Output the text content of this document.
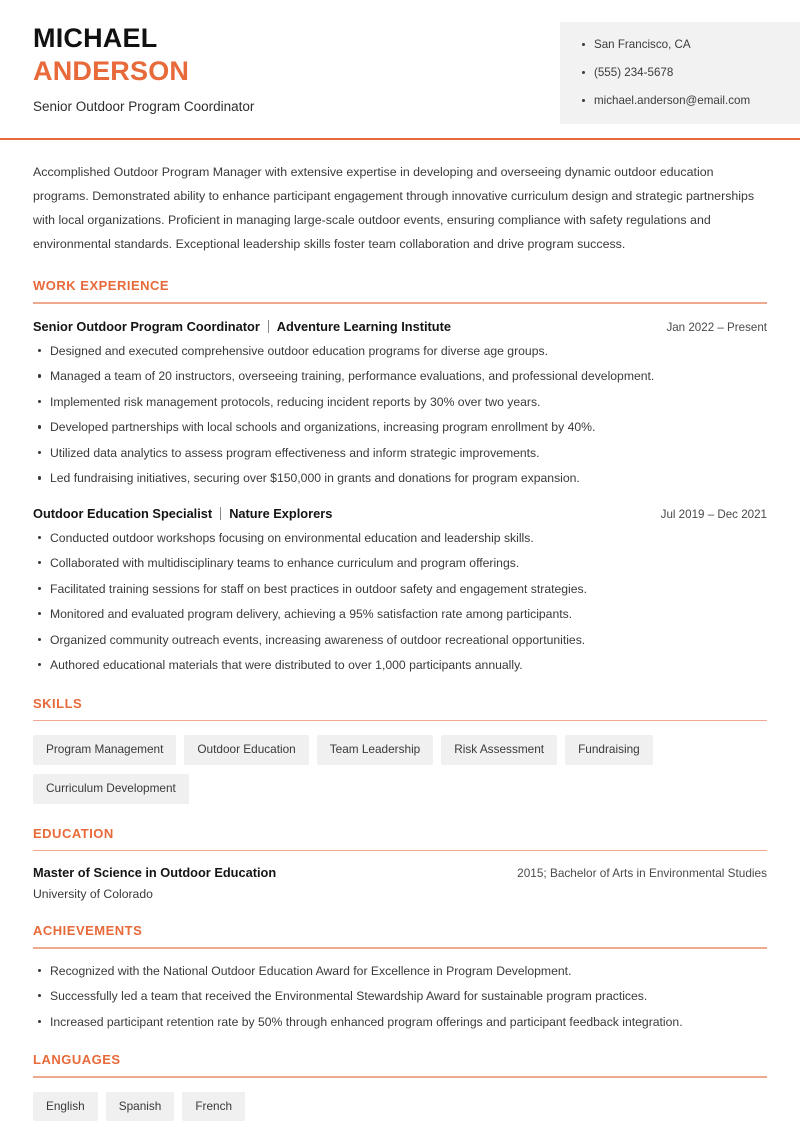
MICHAEL
ANDERSON
Senior Outdoor Program Coordinator
San Francisco, CA
(555) 234-5678
michael.anderson@email.com
Accomplished Outdoor Program Manager with extensive expertise in developing and overseeing dynamic outdoor education programs. Demonstrated ability to enhance participant engagement through innovative curriculum design and strategic partnerships with local organizations. Proficient in managing large-scale outdoor events, ensuring compliance with safety regulations and environmental standards. Exceptional leadership skills foster team collaboration and drive program success.
WORK EXPERIENCE
Senior Outdoor Program Coordinator Adventure Learning Institute	Jan 2022 – Present
Designed and executed comprehensive outdoor education programs for diverse age groups.
Managed a team of 20 instructors, overseeing training, performance evaluations, and professional development.
Implemented risk management protocols, reducing incident reports by 30% over two years.
Developed partnerships with local schools and organizations, increasing program enrollment by 40%.
Utilized data analytics to assess program effectiveness and inform strategic improvements.
Led fundraising initiatives, securing over $150,000 in grants and donations for program expansion.
Outdoor Education Specialist Nature Explorers	Jul 2019 – Dec 2021
Conducted outdoor workshops focusing on environmental education and leadership skills.
Collaborated with multidisciplinary teams to enhance curriculum and program offerings.
Facilitated training sessions for staff on best practices in outdoor safety and engagement strategies.
Monitored and evaluated program delivery, achieving a 95% satisfaction rate among participants.
Organized community outreach events, increasing awareness of outdoor recreational opportunities.
Authored educational materials that were distributed to over 1,000 participants annually.
SKILLS
Program Management	Outdoor Education	Team Leadership	Risk Assessment	Fundraising
Curriculum Development
EDUCATION
Master of Science in Outdoor Education	2015; Bachelor of Arts in Environmental Studies
University of Colorado
ACHIEVEMENTS
Recognized with the National Outdoor Education Award for Excellence in Program Development.
Successfully led a team that received the Environmental Stewardship Award for sustainable program practices.
Increased participant retention rate by 50% through enhanced program offerings and participant feedback integration.
LANGUAGES
English	Spanish	French
